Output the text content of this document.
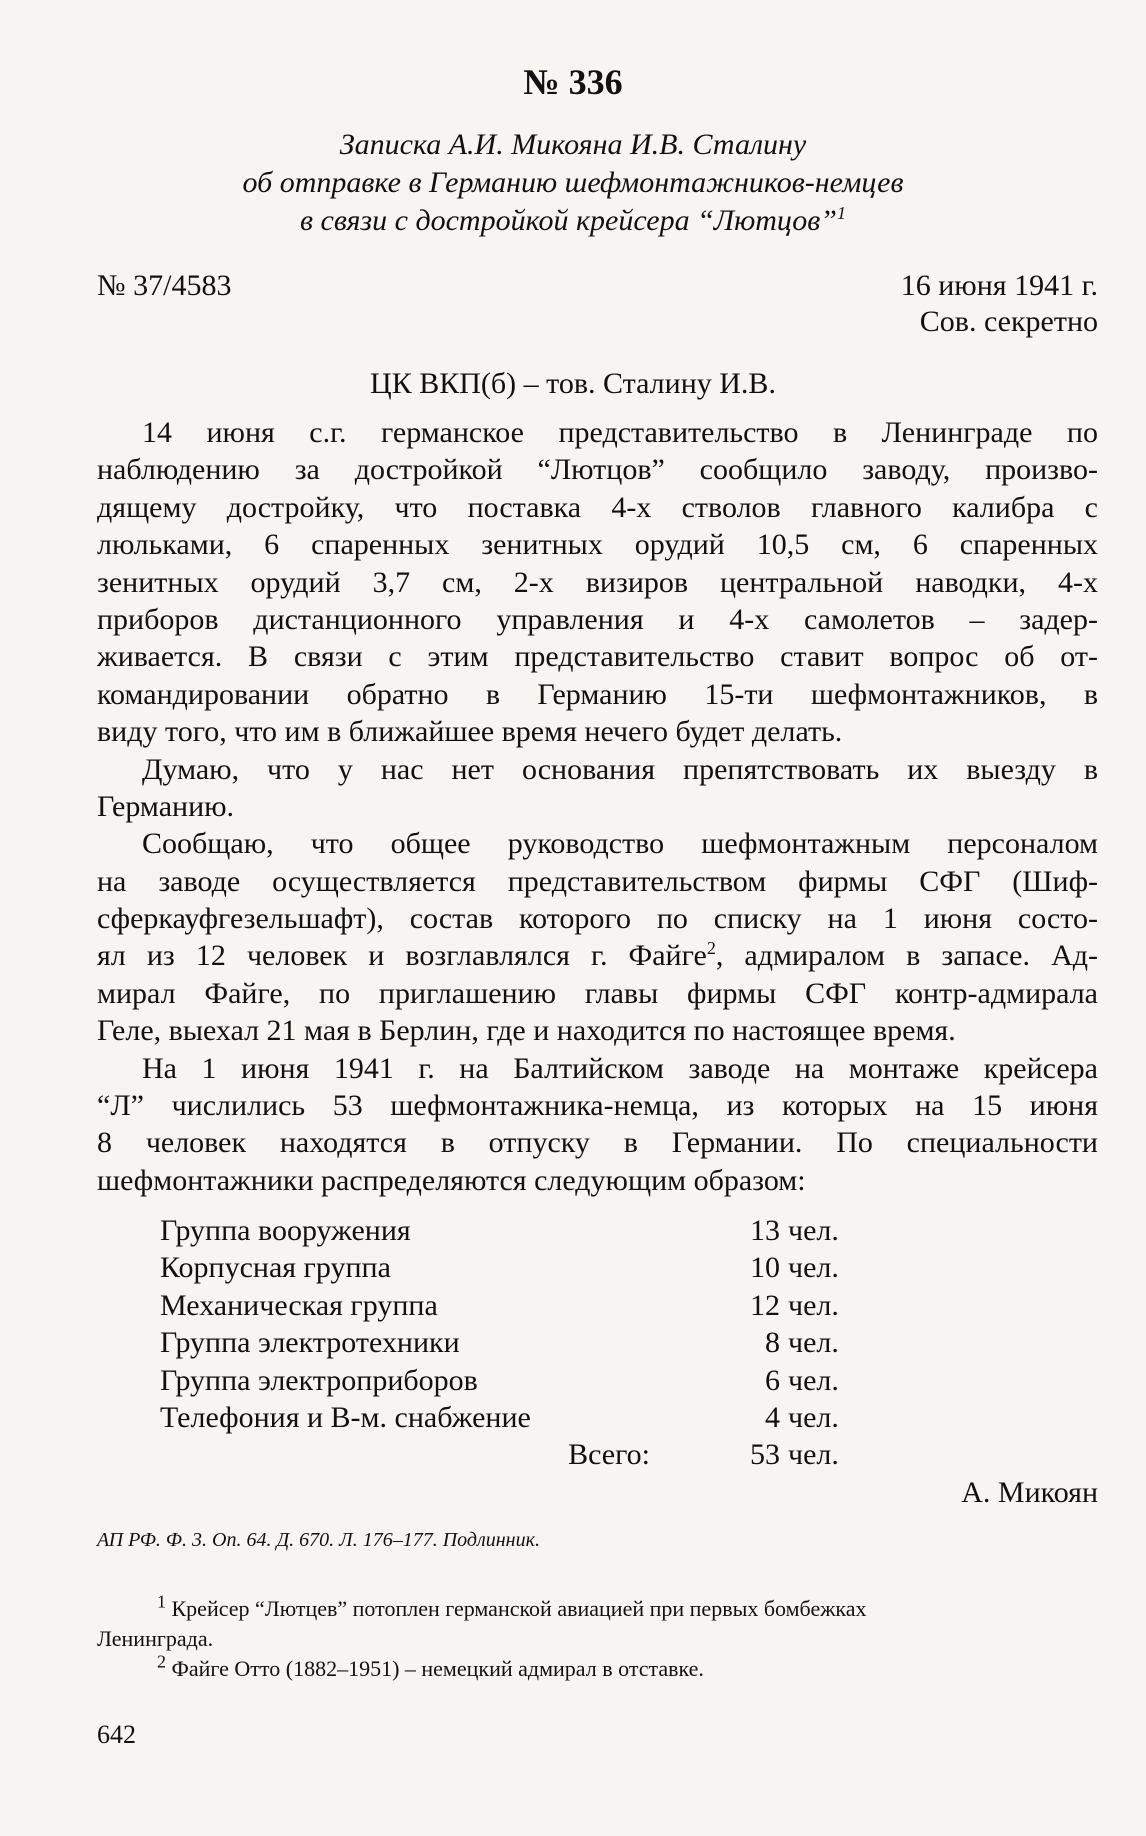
№ 336
Записка А.И. Микояна И.В. Сталину
об отправке в Германию шефмонтажников-немцев
в связи с достройкой крейсера “Лютцов”$^1$
№ 37/4583	16 июня 1941 г.
Сов. секретно
ЦК ВКП(б) – тов. Сталину И.В.
14 июня с.г. германское представительство в Ленинграде по
наблюдению за достройкой “Лютцов” сообщило заводу, произво-
дящему достройку, что поставка 4-х стволов главного калибра с
люльками, 6 спаренных зенитных орудий 10,5 см, 6 спаренных
зенитных орудий 3,7 см, 2-х визиров центральной наводки, 4-х
приборов дистанционного управления и 4-х самолетов – задер-
живается. В связи с этим представительство ставит вопрос об от-
командировании обратно в Германию 15-ти шефмонтажников, в
виду того, что им в ближайшее время нечего будет делать.
Думаю, что у нас нет основания препятствовать их выезду в
Германию.
Сообщаю, что общее руководство шефмонтажным персоналом
на заводе осуществляется представительством фирмы СФГ (Шиф-
сферкауфгезельшафт), состав которого по списку на 1 июня состо-
ял из 12 человек и возглавлялся г. Файге$^2$, адмиралом в запасе. Ад-
мирал Файге, по приглашению главы фирмы СФГ контр-адмирала
Геле, выехал 21 мая в Берлин, где и находится по настоящее время.
На 1 июня 1941 г. на Балтийском заводе на монтаже крейсера
“Л” числились 53 шефмонтажника-немца, из которых на 15 июня
8 человек находятся в отпуску в Германии. По специальности
шефмонтажники распределяются следующим образом:
Группа вооружения	13 чел.
Корпусная группа	10 чел.
Механическая группа	12 чел.
Группа электротехники	8 чел.
Группа электроприборов	6 чел.
Телефония и В-м. снабжение	4 чел.
Всего:	53 чел.
А. Микоян
АП РФ. Ф. 3. Оп. 64. Д. 670. Л. 176–177. Подлинник.
$^1$ Крейсер “Лютцев” потоплен германской авиацией при первых бомбежках
Ленинграда.
$^2$ Файге Отто (1882–1951) – немецкий адмирал в отставке.
642
